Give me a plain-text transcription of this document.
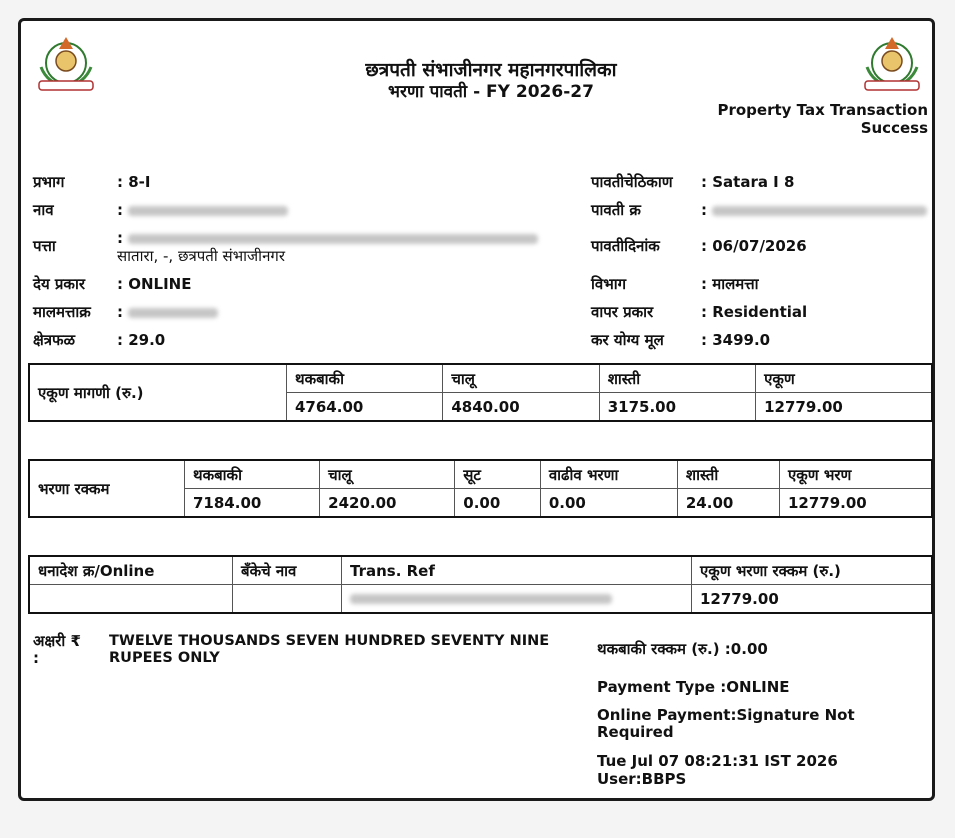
छत्रपती संभाजीनगर महानगरपालिका
भरणा पावती - FY 2026-27
Property Tax Transaction Success
प्रभाग	: 8-I
नाव	:
पत्ता	:
सातारा, -, छत्रपती संभाजीनगर
देय प्रकार : ONLINE
मालमत्ताक्र :
क्षेत्रफळ	: 29.0
पावतीचेठिकाण : Satara I 8
पावती क्र	:
पावतीदिनांक	: 06/07/2026
विभाग	: मालमत्ता
वापर प्रकार	: Residential
कर योग्य मूल : 3499.0
एकूण मागणी (रु.)	थकबाकी	चालू	शास्ती	एकूण
	4764.00	4840.00	3175.00	12779.00
भरणा रक्कम	थकबाकी	चालू	सूट	वाढीव भरणा	शास्ती	एकूण भरण
	7184.00	2420.00	0.00	0.00	24.00	12779.00
धनादेश क्र/Online	बँकेचे नाव	Trans. Ref	एकूण भरणा रक्कम (रु.)
			12779.00
अक्षरी ₹
:
TWELVE THOUSANDS SEVEN HUNDRED SEVENTY NINE RUPEES ONLY	थकबाकी रक्कम (रु.) :0.00
Payment Type :ONLINE
Online Payment:Signature Not Required
Tue Jul 07 08:21:31 IST 2026
User:BBPS
